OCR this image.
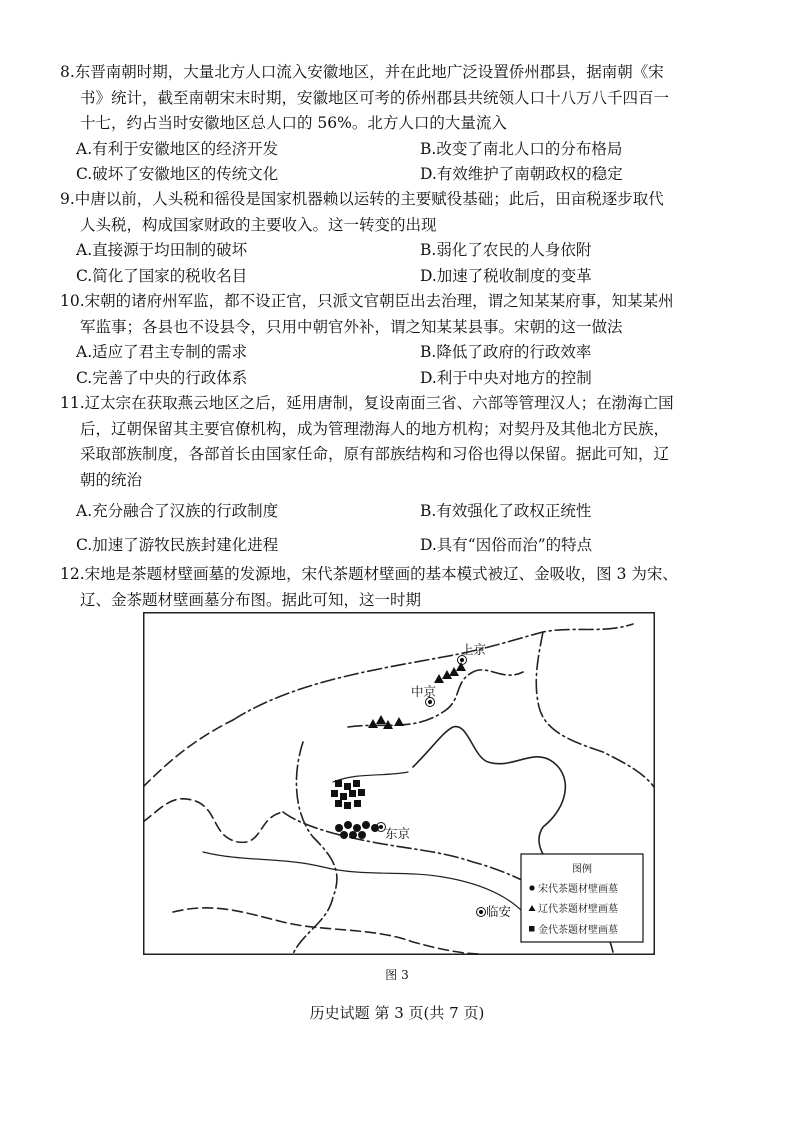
8.东晋南朝时期，大量北方人口流入安徽地区，并在此地广泛设置侨州郡县，据南朝《宋
书》统计，截至南朝宋末时期，安徽地区可考的侨州郡县共统领人口十八万八千四百一
十七，约占当时安徽地区总人口的 56%。北方人口的大量流入
A.有利于安徽地区的经济开发	B.改变了南北人口的分布格局
C.破坏了安徽地区的传统文化	D.有效维护了南朝政权的稳定
9.中唐以前，人头税和徭役是国家机器赖以运转的主要赋役基础；此后，田亩税逐步取代
人头税，构成国家财政的主要收入。这一转变的出现
A.直接源于均田制的破坏	B.弱化了农民的人身依附
C.简化了国家的税收名目	D.加速了税收制度的变革
10.宋朝的诸府州军监，都不设正官，只派文官朝臣出去治理，谓之知某某府事，知某某州
军监事；各县也不设县令，只用中朝官外补，谓之知某某县事。宋朝的这一做法
A.适应了君主专制的需求	B.降低了政府的行政效率
C.完善了中央的行政体系	D.利于中央对地方的控制
11.辽太宗在获取燕云地区之后，延用唐制，复设南面三省、六部等管理汉人；在渤海亡国
后，辽朝保留其主要官僚机构，成为管理渤海人的地方机构；对契丹及其他北方民族，
采取部族制度，各部首长由国家任命，原有部族结构和习俗也得以保留。据此可知，辽
朝的统治
A.充分融合了汉族的行政制度	B.有效强化了政权正统性
C.加速了游牧民族封建化进程	D.具有“因俗而治”的特点
12.宋地是茶题材壁画墓的发源地，宋代茶题材壁画的基本模式被辽、金吸收，图 3 为宋、
辽、金茶题材壁画墓分布图。据此可知，这一时期
上京
中京
东京
临安
图例
宋代茶题材壁画墓
辽代茶题材壁画墓
金代茶题材壁画墓
图 3
历史试题 第 3 页(共 7 页)
